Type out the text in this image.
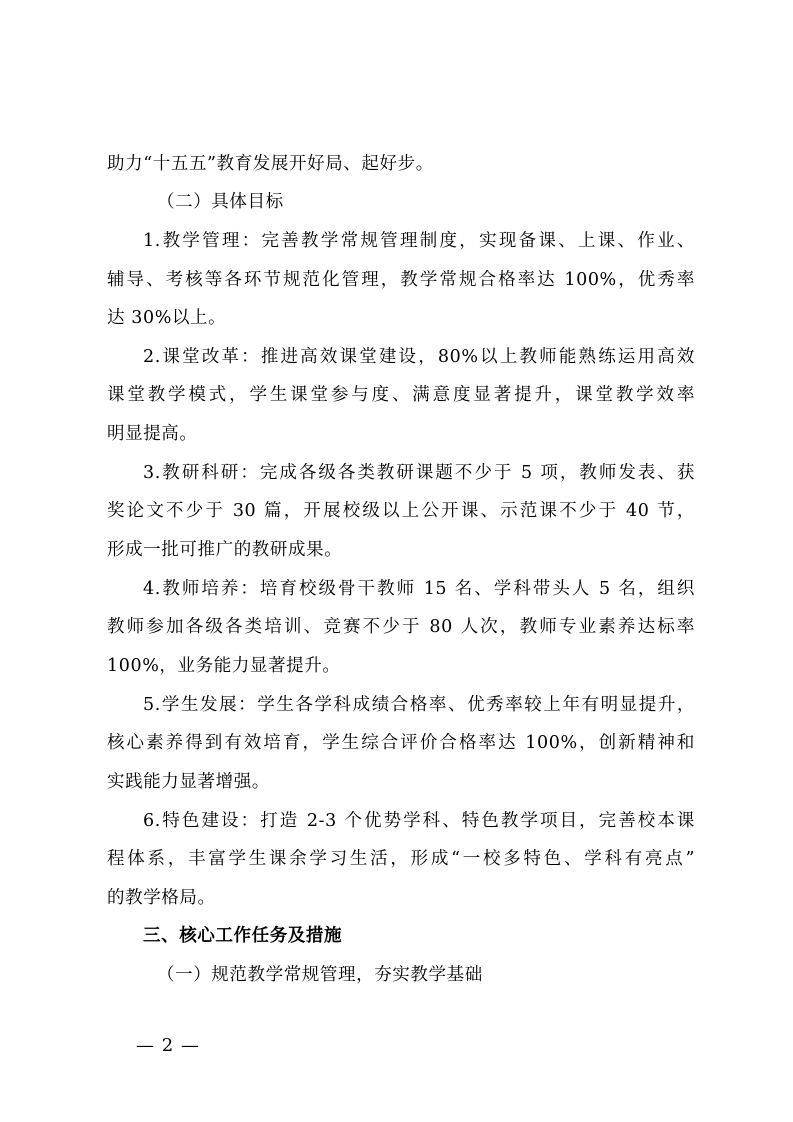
助力“十五五”教育发展开好局、起好步。
（二）具体目标
1.教学管理：完善教学常规管理制度，实现备课、上课、作业、
辅导、考核等各环节规范化管理，教学常规合格率达 100%，优秀率
达 30%以上。
2.课堂改革：推进高效课堂建设，80%以上教师能熟练运用高效
课堂教学模式，学生课堂参与度、满意度显著提升，课堂教学效率
明显提高。
3.教研科研：完成各级各类教研课题不少于 5 项，教师发表、获
奖论文不少于 30 篇，开展校级以上公开课、示范课不少于 40 节，
形成一批可推广的教研成果。
4.教师培养：培育校级骨干教师 15 名、学科带头人 5 名，组织
教师参加各级各类培训、竞赛不少于 80 人次，教师专业素养达标率
100%，业务能力显著提升。
5.学生发展：学生各学科成绩合格率、优秀率较上年有明显提升，
核心素养得到有效培育，学生综合评价合格率达 100%，创新精神和
实践能力显著增强。
6.特色建设：打造 2-3 个优势学科、特色教学项目，完善校本课
程体系，丰富学生课余学习生活，形成“一校多特色、学科有亮点”
的教学格局。
三、核心工作任务及措施
（一）规范教学常规管理，夯实教学基础
— 2 —
